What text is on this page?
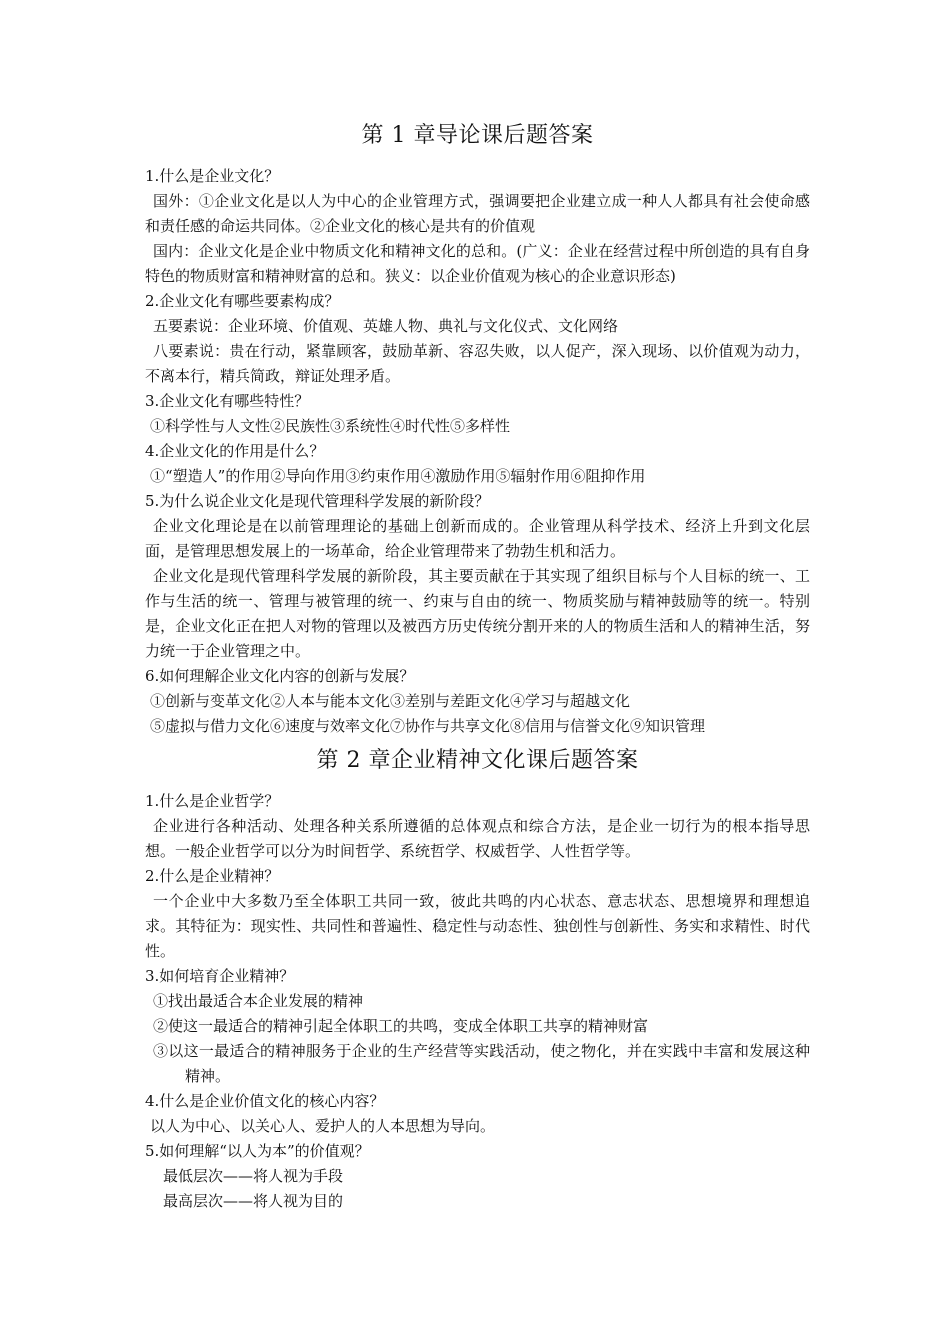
第 1 章导论课后题答案

1.什么是企业文化？

国外：①企业文化是以人为中心的企业管理方式，强调要把企业建立成一种人人都具有社会使命感和责任感的命运共同体。②企业文化的核心是共有的价值观

国内：企业文化是企业中物质文化和精神文化的总和。(广义：企业在经营过程中所创造的具有自身特色的物质财富和精神财富的总和。狭义：以企业价值观为核心的企业意识形态)

2.企业文化有哪些要素构成？

五要素说：企业环境、价值观、英雄人物、典礼与文化仪式、文化网络

八要素说：贵在行动，紧靠顾客，鼓励革新、容忍失败，以人促产，深入现场、以价值观为动力，不离本行，精兵简政，辩证处理矛盾。

3.企业文化有哪些特性？

①科学性与人文性②民族性③系统性④时代性⑤多样性

4.企业文化的作用是什么？

①“塑造人”的作用②导向作用③约束作用④激励作用⑤辐射作用⑥阻抑作用

5.为什么说企业文化是现代管理科学发展的新阶段？

企业文化理论是在以前管理理论的基础上创新而成的。企业管理从科学技术、经济上升到文化层面，是管理思想发展上的一场革命，给企业管理带来了勃勃生机和活力。

企业文化是现代管理科学发展的新阶段，其主要贡献在于其实现了组织目标与个人目标的统一、工作与生活的统一、管理与被管理的统一、约束与自由的统一、物质奖励与精神鼓励等的统一。特别是，企业文化正在把人对物的管理以及被西方历史传统分割开来的人的物质生活和人的精神生活，努力统一于企业管理之中。

6.如何理解企业文化内容的创新与发展？

①创新与变革文化②人本与能本文化③差别与差距文化④学习与超越文化

⑤虚拟与借力文化⑥速度与效率文化⑦协作与共享文化⑧信用与信誉文化⑨知识管理

第 2 章企业精神文化课后题答案

1.什么是企业哲学？

企业进行各种活动、处理各种关系所遵循的总体观点和综合方法，是企业一切行为的根本指导思想。一般企业哲学可以分为时间哲学、系统哲学、权威哲学、人性哲学等。

2.什么是企业精神？

一个企业中大多数乃至全体职工共同一致，彼此共鸣的内心状态、意志状态、思想境界和理想追求。其特征为：现实性、共同性和普遍性、稳定性与动态性、独创性与创新性、务实和求精性、时代性。

3.如何培育企业精神？

①找出最适合本企业发展的精神

②使这一最适合的精神引起全体职工的共鸣，变成全体职工共享的精神财富

③以这一最适合的精神服务于企业的生产经营等实践活动，使之物化，并在实践中丰富和发展这种精神。

4.什么是企业价值文化的核心内容？

以人为中心、以关心人、爱护人的人本思想为导向。

5.如何理解“以人为本”的价值观？

最低层次——将人视为手段

最高层次——将人视为目的
